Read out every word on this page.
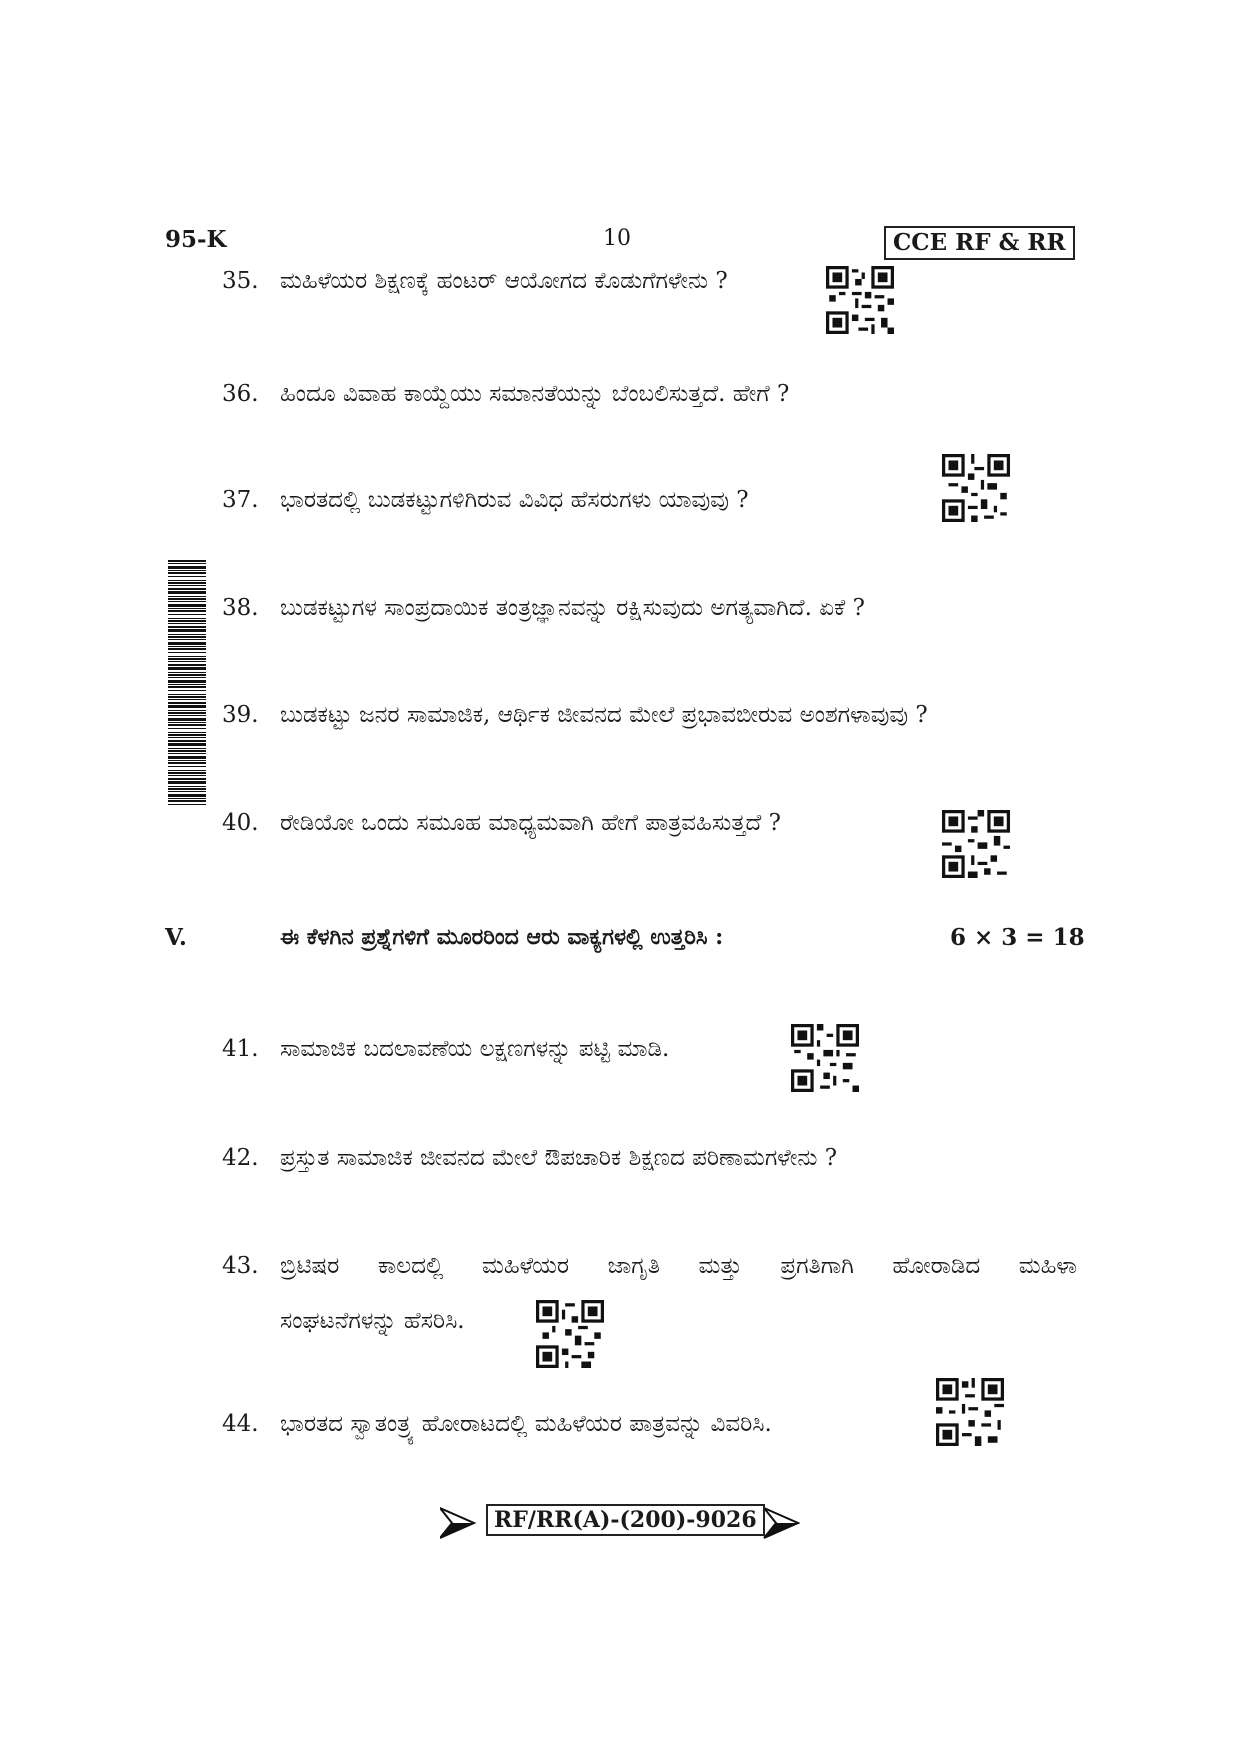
95-K	10	CCE RF & RR
35. ಮಹಿಳೆಯರ ಶಿಕ್ಷಣಕ್ಕೆ ಹಂಟರ್ ಆಯೋಗದ ಕೊಡುಗೆಗಳೇನು ?
36. ಹಿಂದೂ ವಿವಾಹ ಕಾಯ್ದೆಯು ಸಮಾನತೆಯನ್ನು ಬೆಂಬಲಿಸುತ್ತದೆ. ಹೇಗೆ ?
37. ಭಾರತದಲ್ಲಿ ಬುಡಕಟ್ಟುಗಳಿಗಿರುವ ವಿವಿಧ ಹೆಸರುಗಳು ಯಾವುವು ?
38. ಬುಡಕಟ್ಟುಗಳ ಸಾಂಪ್ರದಾಯಿಕ ತಂತ್ರಜ್ಞಾನವನ್ನು ರಕ್ಷಿಸುವುದು ಅಗತ್ಯವಾಗಿದೆ. ಏಕೆ ?
39. ಬುಡಕಟ್ಟು ಜನರ ಸಾಮಾಜಿಕ, ಆರ್ಥಿಕ ಜೀವನದ ಮೇಲೆ ಪ್ರಭಾವಬೀರುವ ಅಂಶಗಳಾವುವು ?
40. ರೇಡಿಯೋ ಒಂದು ಸಮೂಹ ಮಾಧ್ಯಮವಾಗಿ ಹೇಗೆ ಪಾತ್ರವಹಿಸುತ್ತದೆ ?
V.	ಈ ಕೆಳಗಿನ ಪ್ರಶ್ನೆಗಳಿಗೆ ಮೂರರಿಂದ ಆರು ವಾಕ್ಯಗಳಲ್ಲಿ ಉತ್ತರಿಸಿ :	6 × 3 = 18
41. ಸಾಮಾಜಿಕ ಬದಲಾವಣೆಯ ಲಕ್ಷಣಗಳನ್ನು ಪಟ್ಟಿ ಮಾಡಿ.
42. ಪ್ರಸ್ತುತ ಸಾಮಾಜಿಕ ಜೀವನದ ಮೇಲೆ ಔಪಚಾರಿಕ ಶಿಕ್ಷಣದ ಪರಿಣಾಮಗಳೇನು ?
43. ಬ್ರಿಟಿಷರ ಕಾಲದಲ್ಲಿ ಮಹಿಳೆಯರ ಜಾಗೃತಿ ಮತ್ತು ಪ್ರಗತಿಗಾಗಿ ಹೋರಾಡಿದ ಮಹಿಳಾ
ಸಂಘಟನೆಗಳನ್ನು ಹೆಸರಿಸಿ.
44. ಭಾರತದ ಸ್ವಾತಂತ್ರ್ಯ ಹೋರಾಟದಲ್ಲಿ ಮಹಿಳೆಯರ ಪಾತ್ರವನ್ನು ವಿವರಿಸಿ.
RF/RR(A)-(200)-9026
